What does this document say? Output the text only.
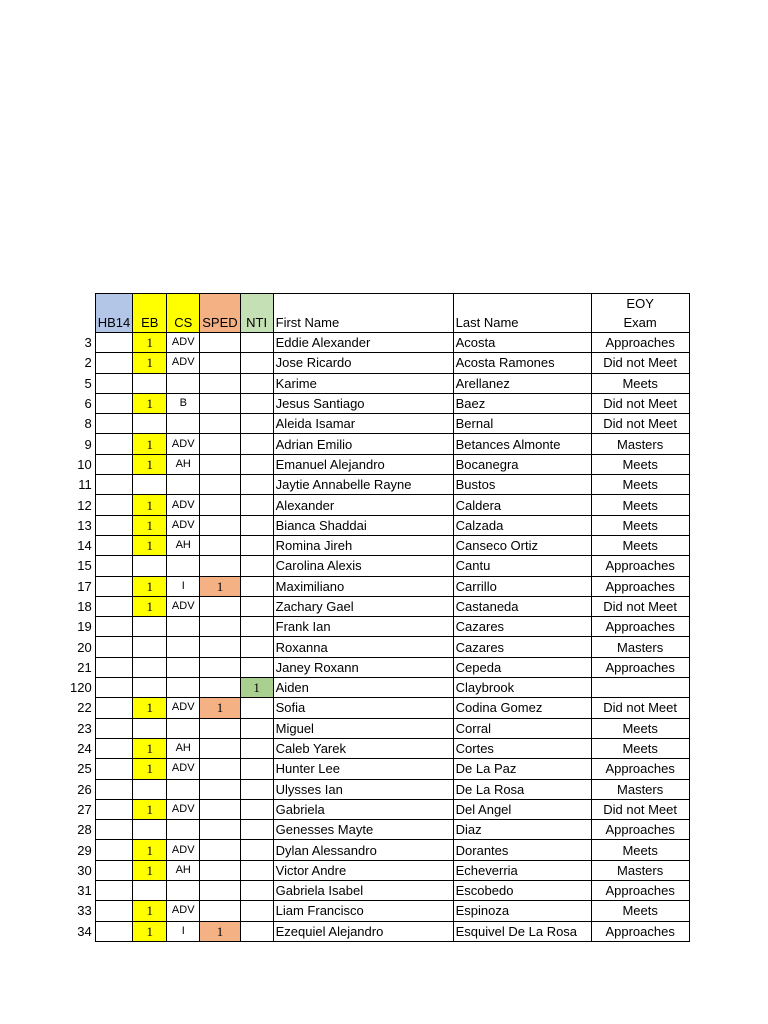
	HB14	EB	CS	SPED	NTI	First Name	Last Name	EOY
Exam
3		1	ADV			Eddie Alexander	Acosta	Approaches
2		1	ADV			Jose Ricardo	Acosta Ramones	Did not Meet
5						Karime	Arellanez	Meets
6		1	B			Jesus Santiago	Baez	Did not Meet
8						Aleida Isamar	Bernal	Did not Meet
9		1	ADV			Adrian Emilio	Betances Almonte	Masters
10		1	AH			Emanuel Alejandro	Bocanegra	Meets
11						Jaytie Annabelle Rayne	Bustos	Meets
12		1	ADV			Alexander	Caldera	Meets
13		1	ADV			Bianca Shaddai	Calzada	Meets
14		1	AH			Romina Jireh	Canseco Ortiz	Meets
15						Carolina Alexis	Cantu	Approaches
17		1	I	1		Maximiliano	Carrillo	Approaches
18		1	ADV			Zachary Gael	Castaneda	Did not Meet
19						Frank Ian	Cazares	Approaches
20						Roxanna	Cazares	Masters
21						Janey Roxann	Cepeda	Approaches
120					1	Aiden	Claybrook	
22		1	ADV	1		Sofia	Codina Gomez	Did not Meet
23						Miguel	Corral	Meets
24		1	AH			Caleb Yarek	Cortes	Meets
25		1	ADV			Hunter Lee	De La Paz	Approaches
26						Ulysses Ian	De La Rosa	Masters
27		1	ADV			Gabriela	Del Angel	Did not Meet
28						Genesses Mayte	Diaz	Approaches
29		1	ADV			Dylan Alessandro	Dorantes	Meets
30		1	AH			Victor Andre	Echeverria	Masters
31						Gabriela Isabel	Escobedo	Approaches
33		1	ADV			Liam Francisco	Espinoza	Meets
34		1	I	1		Ezequiel Alejandro	Esquivel De La Rosa	Approaches
